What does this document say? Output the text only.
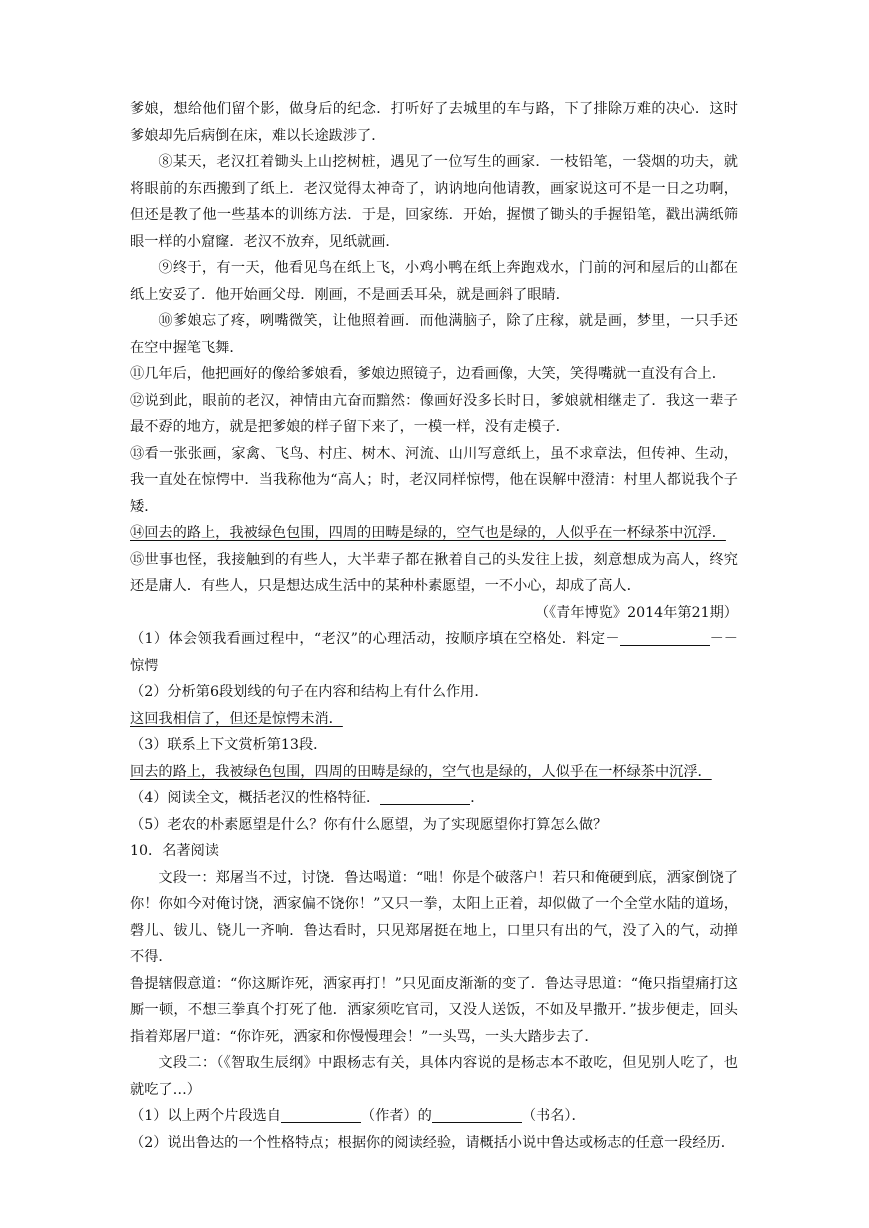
爹娘，想给他们留个影，做身后的纪念．打听好了去城里的车与路，下了排除万难的决心．这时爹娘却先后病倒在床，难以长途跋涉了．

⑧某天，老汉扛着锄头上山挖树桩，遇见了一位写生的画家．一枝铅笔，一袋烟的功夫，就将眼前的东西搬到了纸上．老汉觉得太神奇了，讷讷地向他请教，画家说这可不是一日之功啊，但还是教了他一些基本的训练方法．于是，回家练．开始，握惯了锄头的手握铅笔，戳出满纸筛眼一样的小窟窿．老汉不放弃，见纸就画．

⑨终于，有一天，他看见鸟在纸上飞，小鸡小鸭在纸上奔跑戏水，门前的河和屋后的山都在纸上安妥了．他开始画父母．刚画，不是画丢耳朵，就是画斜了眼睛．

⑩爹娘忘了疼，咧嘴微笑，让他照着画．而他满脑子，除了庄稼，就是画，梦里，一只手还在空中握笔飞舞．

⑪几年后，他把画好的像给爹娘看，爹娘边照镜子，边看画像，大笑，笑得嘴就一直没有合上．

⑫说到此，眼前的老汉，神情由亢奋而黯然：像画好没多长时日，爹娘就相继走了．我这一辈子最不孬的地方，就是把爹娘的样子留下来了，一模一样，没有走模子．

⑬看一张张画，家禽、飞鸟、村庄、树木、河流、山川写意纸上，虽不求章法，但传神、生动，我一直处在惊愕中．当我称他为“高人；时，老汉同样惊愕，他在误解中澄清：村里人都说我个子矮．

⑭回去的路上，我被绿色包围，四周的田畴是绿的，空气也是绿的，人似乎在一杯绿茶中沉浮．

⑮世事也怪，我接触到的有些人，大半辈子都在揪着自己的头发往上拔，刻意想成为高人，终究还是庸人．有些人，只是想达成生活中的某种朴素愿望，一不小心，却成了高人．

（《青年博览》2014年第21期）

（1）体会领我看画过程中，“老汉”的心理活动，按顺序填在空格处．料定－	－－惊愕

（2）分析第6段划线的句子在内容和结构上有什么作用．

这回我相信了，但还是惊愕未消．

（3）联系上下文赏析第13段．

回去的路上，我被绿色包围，四周的田畴是绿的，空气也是绿的，人似乎在一杯绿茶中沉浮．

（4）阅读全文，概括老汉的性格特征．	．

（5）老农的朴素愿望是什么？你有什么愿望，为了实现愿望你打算怎么做？

10．名著阅读

文段一：郑屠当不过，讨饶．鲁达喝道：“咄！你是个破落户！若只和俺硬到底，洒家倒饶了你！你如今对俺讨饶，洒家偏不饶你！”又只一拳，太阳上正着，却似做了一个全堂水陆的道场，磬儿、钹儿、铙儿一齐响．鲁达看时，只见郑屠挺在地上，口里只有出的气，没了入的气，动掸不得．

鲁提辖假意道：“你这厮诈死，洒家再打！”只见面皮渐渐的变了．鲁达寻思道：“俺只指望痛打这厮一顿，不想三拳真个打死了他．洒家须吃官司，又没人送饭，不如及早撒开．”拔步便走，回头指着郑屠尸道：“你诈死，洒家和你慢慢理会！”一头骂，一头大踏步去了．

文段二：（《智取生辰纲》中跟杨志有关，具体内容说的是杨志本不敢吃，但见别人吃了，也就吃了…）

（1）以上两个片段选自	（作者）的	（书名）．

（2）说出鲁达的一个性格特点；根据你的阅读经验，请概括小说中鲁达或杨志的任意一段经历．
